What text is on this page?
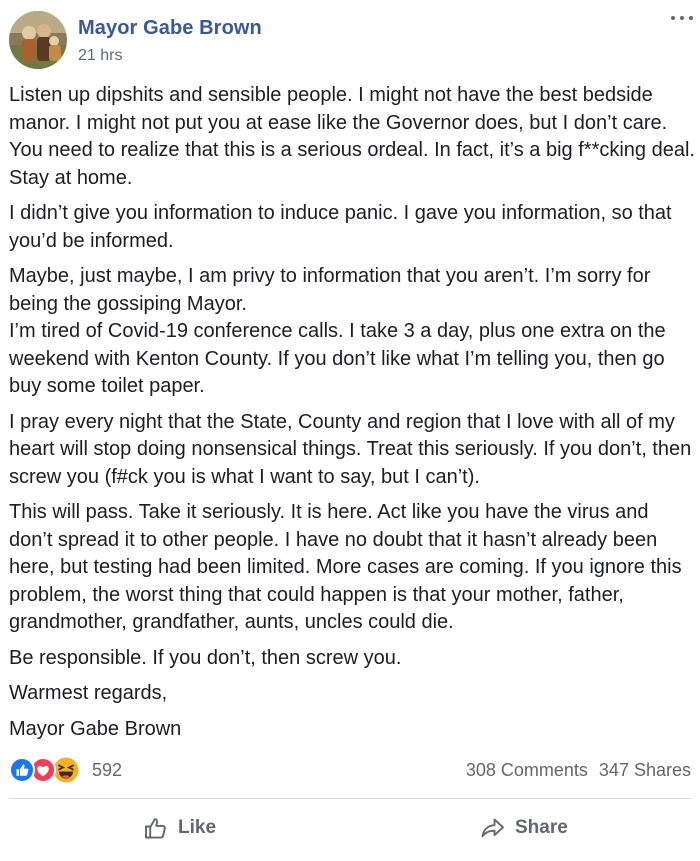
Mayor Gabe Brown
21 hrs

Listen up dipshits and sensible people. I might not have the best bedside manor. I might not put you at ease like the Governor does, but I don’t care. You need to realize that this is a serious ordeal. In fact, it’s a big f**cking deal. Stay at home.

I didn’t give you information to induce panic. I gave you information, so that you’d be informed.

Maybe, just maybe, I am privy to information that you aren’t. I’m sorry for being the gossiping Mayor.

I’m tired of Covid-19 conference calls. I take 3 a day, plus one extra on the weekend with Kenton County. If you don’t like what I’m telling you, then go buy some toilet paper.

I pray every night that the State, County and region that I love with all of my heart will stop doing nonsensical things. Treat this seriously. If you don’t, then screw you (f#ck you is what I want to say, but I can’t).

This will pass. Take it seriously. It is here. Act like you have the virus and don’t spread it to other people. I have no doubt that it hasn’t already been here, but testing had been limited. More cases are coming. If you ignore this problem, the worst thing that could happen is that your mother, father, grandmother, grandfather, aunts, uncles could die.

Be responsible. If you don’t, then screw you.

Warmest regards,

Mayor Gabe Brown

592	308 Comments 347 Shares
Like	Share
